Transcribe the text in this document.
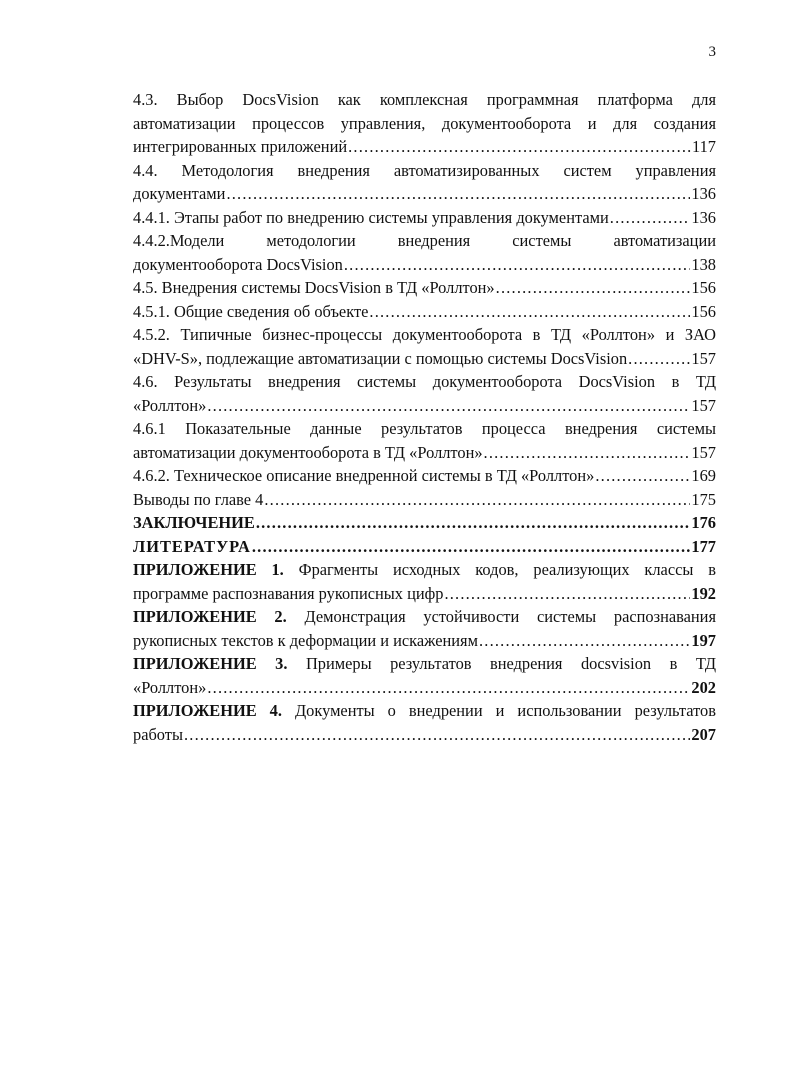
3
4.3. Выбор DocsVision как комплексная программная платформа для
автоматизации процессов управления, документооборота и для создания
интегрированных приложений .....	117
4.4. Методология внедрения автоматизированных систем управления
документами .....	136
4.4.1. Этапы работ по внедрению системы управления документами .....	136
4.4.2.Модели методологии внедрения системы автоматизации
документооборота DocsVision .....	138
4.5. Внедрения системы DocsVision в ТД «Роллтон» .....	156
4.5.1. Общие сведения об объекте .....	156
4.5.2. Типичные бизнес-процессы документооборота в ТД «Роллтон» и ЗАО
«DHV-S», подлежащие автоматизации с помощью системы DocsVision .....	157
4.6. Результаты внедрения системы документооборота DocsVision в ТД
«Роллтон» .....	157
4.6.1 Показательные данные результатов процесса внедрения системы
автоматизации документооборота в ТД «Роллтон» .....	157
4.6.2. Техническое описание внедренной системы в ТД «Роллтон» .....	169
Выводы по главе 4 .....	175
ЗАКЛЮЧЕНИЕ .....	176
ЛИТЕРАТУРА .....	177
ПРИЛОЖЕНИЕ 1. Фрагменты исходных кодов, реализующих классы в
программе распознавания рукописных цифр .....	192
ПРИЛОЖЕНИЕ 2. Демонстрация устойчивости системы распознавания
рукописных текстов к деформации и искажениям .....	197
ПРИЛОЖЕНИЕ 3. Примеры результатов внедрения docsvision в ТД
«Роллтон» .....	202
ПРИЛОЖЕНИЕ 4. Документы о внедрении и использовании результатов
работы .....	207
